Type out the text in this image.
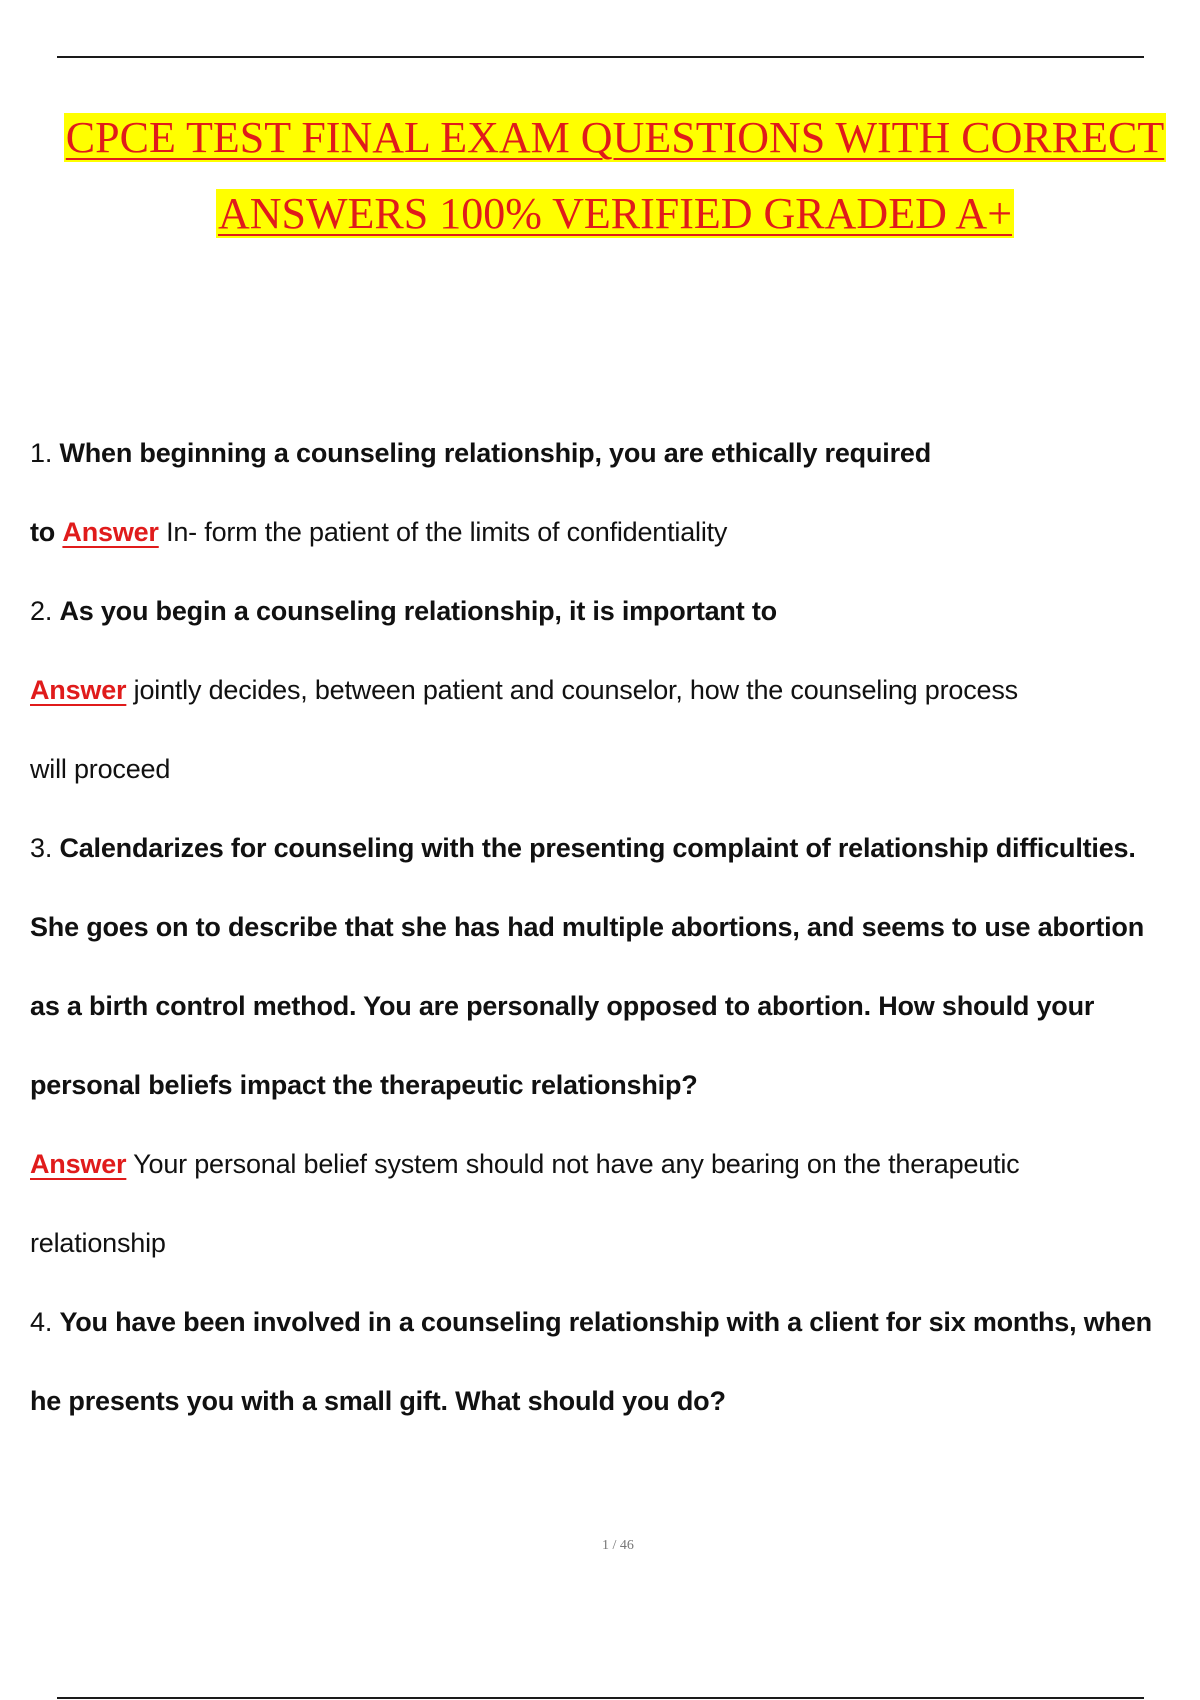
CPCE TEST FINAL EXAM QUESTIONS WITH CORRECT
ANSWERS 100% VERIFIED GRADED A+

1. When beginning a counseling relationship, you are ethically required

to Answer In- form the patient of the limits of confidentiality

2. As you begin a counseling relationship, it is important to

Answer jointly decides, between patient and counselor, how the counseling process

will proceed

3. Calendarizes for counseling with the presenting complaint of relationship difficulties.

She goes on to describe that she has had multiple abortions, and seems to use abortion

as a birth control method. You are personally opposed to abortion. How should your

personal beliefs impact the therapeutic relationship?

Answer Your personal belief system should not have any bearing on the therapeutic

relationship

4. You have been involved in a counseling relationship with a client for six months, when

he presents you with a small gift. What should you do?

1 / 46
